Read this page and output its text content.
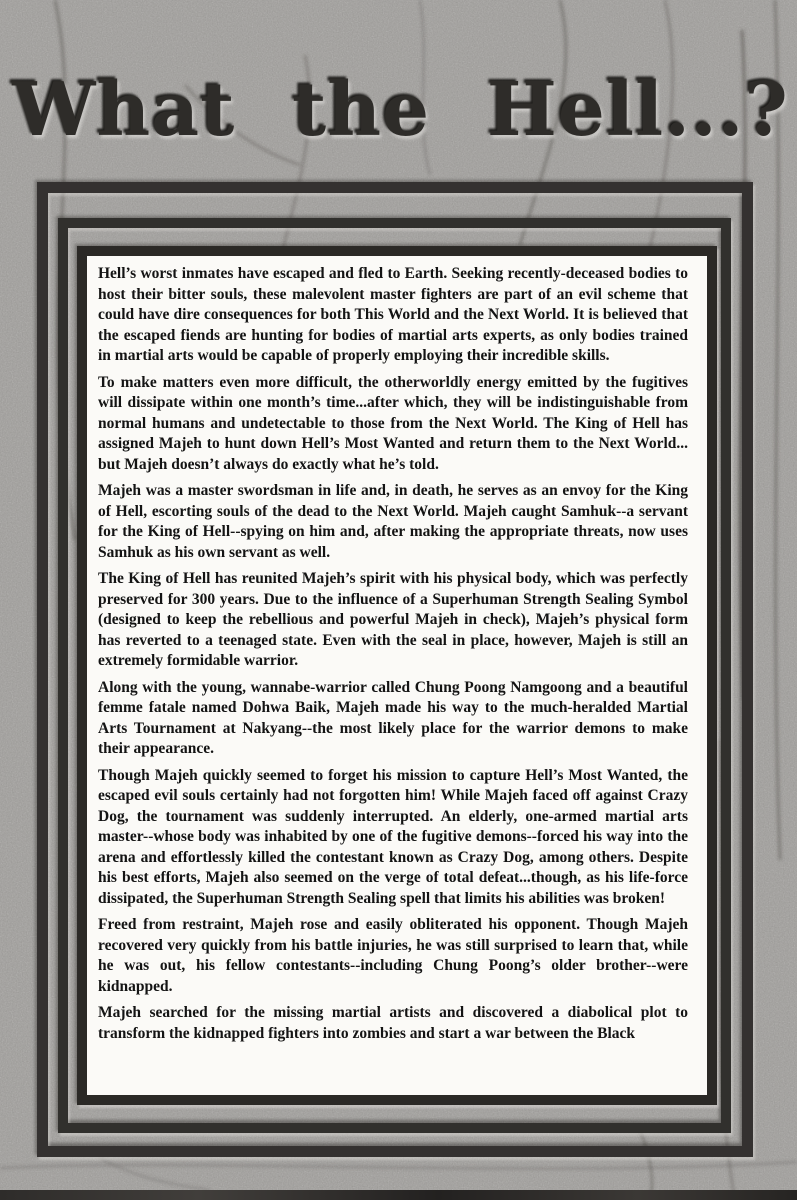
What the Hell...?

Hell’s worst inmates have escaped and fled to Earth. Seeking recently-deceased bodies to host their bitter souls, these malevolent master fighters are part of an evil scheme that could have dire consequences for both This World and the Next World. It is believed that the escaped fiends are hunting for bodies of martial arts experts, as only bodies trained in martial arts would be capable of properly employing their incredible skills.

To make matters even more difficult, the otherworldly energy emitted by the fugitives will dissipate within one month’s time...after which, they will be indistinguishable from normal humans and undetectable to those from the Next World. The King of Hell has assigned Majeh to hunt down Hell’s Most Wanted and return them to the Next World... but Majeh doesn’t always do exactly what he’s told.

Majeh was a master swordsman in life and, in death, he serves as an envoy for the King of Hell, escorting souls of the dead to the Next World. Majeh caught Samhuk--a servant for the King of Hell--spying on him and, after making the appropriate threats, now uses Samhuk as his own servant as well.

The King of Hell has reunited Majeh’s spirit with his physical body, which was perfectly preserved for 300 years. Due to the influence of a Superhuman Strength Sealing Symbol (designed to keep the rebellious and powerful Majeh in check), Majeh’s physical form has reverted to a teenaged state. Even with the seal in place, however, Majeh is still an extremely formidable warrior.

Along with the young, wannabe-warrior called Chung Poong Namgoong and a beautiful femme fatale named Dohwa Baik, Majeh made his way to the much-heralded Martial Arts Tournament at Nakyang--the most likely place for the warrior demons to make their appearance.

Though Majeh quickly seemed to forget his mission to capture Hell’s Most Wanted, the escaped evil souls certainly had not forgotten him! While Majeh faced off against Crazy Dog, the tournament was suddenly interrupted. An elderly, one-armed martial arts master--whose body was inhabited by one of the fugitive demons--forced his way into the arena and effortlessly killed the contestant known as Crazy Dog, among others. Despite his best efforts, Majeh also seemed on the verge of total defeat...though, as his life-force dissipated, the Superhuman Strength Sealing spell that limits his abilities was broken!

Freed from restraint, Majeh rose and easily obliterated his opponent. Though Majeh recovered very quickly from his battle injuries, he was still surprised to learn that, while he was out, his fellow contestants--including Chung Poong’s older brother--were kidnapped.

Majeh searched for the missing martial artists and discovered a diabolical plot to transform the kidnapped fighters into zombies and start a war between the Black
